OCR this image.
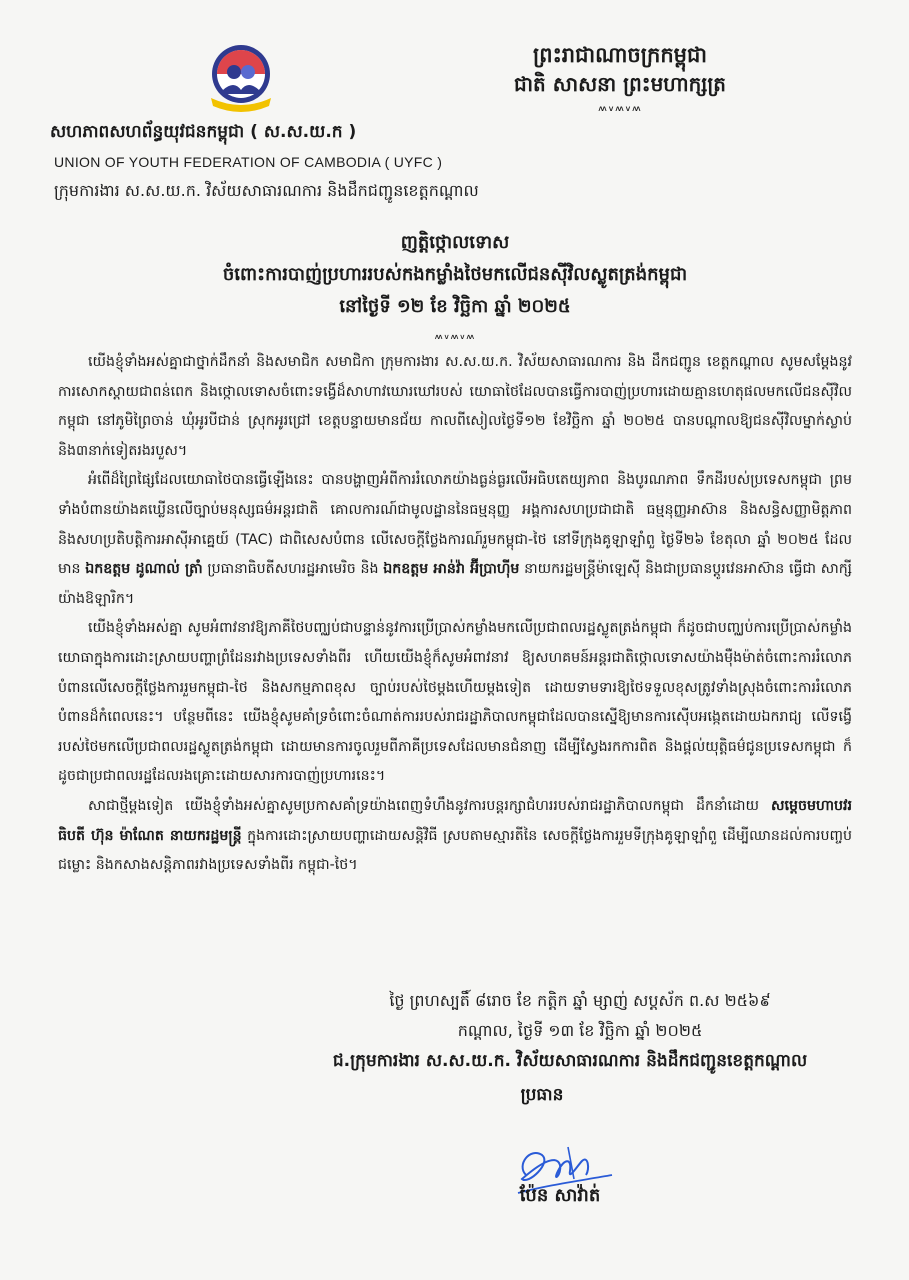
ព្រះរាជាណាចក្រកម្ពុជា
ជាតិ សាសនា ព្រះមហាក្សត្រ
៳៴៳៴៳
សហភាពសហព័ន្ធយុវជនកម្ពុជា ( ស.ស.យ.ក )
UNION OF YOUTH FEDERATION OF CAMBODIA ( UYFC )
ក្រុមការងារ ស.ស.យ.ក. វិស័យសាធារណការ និងដឹកជញ្ជូនខេត្តកណ្ដាល
ញត្តិថ្កោលទោស
ចំពោះការបាញ់ប្រហាររបស់កងកម្លាំងថៃមកលើជនស៊ីវិលស្លូតត្រង់កម្ពុជា
នៅថ្ងៃទី ១២ ខែ វិច្ឆិកា ឆ្នាំ ២០២៥
៳៴៳៴៳

យើងខ្ញុំទាំងអស់គ្នាជាថ្នាក់ដឹកនាំ និងសមាជិក សមាជិកា ក្រុមការងារ ស.ស.យ.ក. វិស័យសាធារណការ និង ដឹកជញ្ជូន ខេត្តកណ្តាល សូមសម្តែងនូវការសោកស្តាយជាពន់ពេក និងថ្កោលទោសចំពោះទង្វើដ៏សាហាវឃោរឃៅរបស់ យោធាថៃដែលបានធ្វើការបាញ់ប្រហារដោយគ្មានហេតុផលមកលើជនស៊ីវិលកម្ពុជា នៅភូមិព្រៃចាន់ ឃុំអូរបីជាន់ ស្រុកអូរជ្រៅ ខេត្តបន្ទាយមានជ័យ កាលពីសៀលថ្ងៃទី១២ ខែវិច្ឆិកា ឆ្នាំ ២០២៥ បានបណ្តាលឱ្យជនស៊ីវិលម្នាក់ស្លាប់ និង៣នាក់ទៀតរងរបួស។

អំពើដ៏ព្រៃផ្សៃដែលយោធាថៃបានធ្វើឡើងនេះ បានបង្ហាញអំពីការរំលោភយ៉ាងធ្ងន់ធ្ងរលើអធិបតេយ្យភាព និងបូរណភាព ទឹកដីរបស់ប្រទេសកម្ពុជា ព្រមទាំងបំពានយ៉ាងគឃ្លើនលើច្បាប់មនុស្សធម៌អន្តរជាតិ គោលការណ៍ជាមូលដ្ឋាននៃធម្មនុញ្ញ អង្គការសហប្រជាជាតិ ធម្មនុញ្ញអាស៊ាន និងសន្ធិសញ្ញាមិត្តភាពនិងសហប្រតិបត្តិការអាស៊ីអាគ្នេយ៍ (TAC) ជាពិសេសបំពាន លើសេចក្តីថ្លែងការណ៍រួមកម្ពុជា-ថៃ នៅទីក្រុងគូឡាឡាំពួ ថ្ងៃទី២៦ ខែតុលា ឆ្នាំ ២០២៥ ដែលមាន ឯកឧត្តម ដូណាល់ ត្រាំ ប្រធានាធិបតីសហរដ្ឋអាមេរិច និង ឯកឧត្តម អាន់វ៉ា អ៊ីប្រាហ៊ីម នាយករដ្ឋមន្ត្រីម៉ាឡេស៊ី និងជាប្រធានប្តូរវេនអាស៊ាន ធ្វើជា សាក្សីយ៉ាងឱឡារិក។

យើងខ្ញុំទាំងអស់គ្នា សូមអំពាវនាវឱ្យភាគីថៃបញ្ឈប់ជាបន្ទាន់នូវការប្រើប្រាស់កម្លាំងមកលើប្រជាពលរដ្ឋស្លូតត្រង់កម្ពុជា ក៏ដូចជាបញ្ឈប់ការប្រើប្រាស់កម្លាំងយោធាក្នុងការដោះស្រាយបញ្ហាព្រំដែនរវាងប្រទេសទាំងពីរ ហើយយើងខ្ញុំក៏សូមអំពាវនាវ ឱ្យសហគមន៍អន្តរជាតិថ្កោលទោសយ៉ាងម៉ឺងម៉ាត់ចំពោះការរំលោភបំពានលើសេចក្តីថ្លែងការរួមកម្ពុជា-ថៃ និងសកម្មភាពខុស ច្បាប់របស់ថៃម្តងហើយម្តងទៀត ដោយទាមទារឱ្យថៃទទួលខុសត្រូវទាំងស្រុងចំពោះការរំលោភបំពានដ៏កំពេលនេះ។ បន្ថែមពីនេះ យើងខ្ញុំសូមគាំទ្រចំពោះចំណាត់ការរបស់រាជរដ្ឋាភិបាលកម្ពុជាដែលបានស្នើឱ្យមានការស៊ើបអង្កេតដោយឯករាជ្យ លើទង្វើរបស់ថៃមកលើប្រជាពលរដ្ឋស្លូតត្រង់កម្ពុជា ដោយមានការចូលរួមពីភាគីប្រទេសដែលមានជំនាញ ដើម្បីស្វែងរកការពិត និងផ្តល់យុត្តិធម៌ជូនប្រទេសកម្ពុជា ក៏ដូចជាប្រជាពលរដ្ឋដែលរងគ្រោះដោយសារការបាញ់ប្រហារនេះ។

សាជាថ្មីម្តងទៀត យើងខ្ញុំទាំងអស់គ្នាសូមប្រកាសគាំទ្រយ៉ាងពេញទំហឹងនូវការបន្តរក្សាជំហររបស់រាជរដ្ឋាភិបាលកម្ពុជា ដឹកនាំដោយ សម្តេចមហាបវរធិបតី ហ៊ុន ម៉ាណែត នាយករដ្ឋមន្ត្រី ក្នុងការដោះស្រាយបញ្ហាដោយសន្តិវិធី ស្របតាមស្មារតីនៃ សេចក្តីថ្លែងការរួមទីក្រុងគូឡាឡាំពួ ដើម្បីឈានដល់ការបញ្ចប់ជម្លោះ និងកសាងសន្តិភាពរវាងប្រទេសទាំងពីរ កម្ពុជា-ថៃ។

ថ្ងៃ ព្រហស្បតិ៍ ៨រោច ខែ កត្តិក ឆ្នាំ ម្សាញ់ សប្តស័ក ព.ស ២៥៦៩
កណ្តាល, ថ្ងៃទី ១៣ ខែ វិច្ឆិកា ឆ្នាំ ២០២៥
ជ.ក្រុមការងារ ស.ស.យ.ក. វិស័យសាធារណការ និងដឹកជញ្ជូនខេត្តកណ្តាល
ប្រធាន
ប៉ែន សាវ៉ាត់
